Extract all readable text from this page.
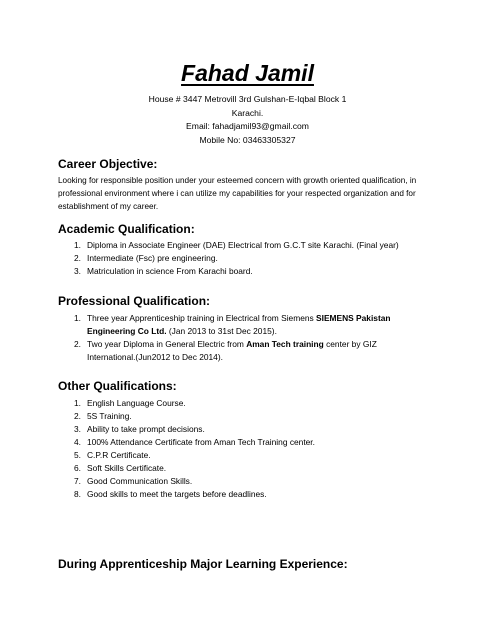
Fahad Jamil
House # 3447 Metrovill 3rd Gulshan-E-Iqbal Block 1
Karachi.
Email: fahadjamil93@gmail.com
Mobile No: 03463305327
Career Objective:
Looking for responsible position under your esteemed concern with growth oriented qualification, in professional environment where i can utilize my capabilities for your respected organization and for establishment of my career.
Academic Qualification:
1. Diploma in Associate Engineer (DAE) Electrical from G.C.T site Karachi. (Final year)
2. Intermediate (Fsc) pre engineering.
3. Matriculation in science From Karachi board.
Professional Qualification:
1. Three year Apprenticeship training in Electrical from Siemens SIEMENS Pakistan Engineering Co Ltd. (Jan 2013 to 31st Dec 2015).
2. Two year Diploma in General Electric from Aman Tech training center by GIZ International.(Jun2012 to Dec 2014).
Other Qualifications:
1. English Language Course.
2. 5S Training.
3. Ability to take prompt decisions.
4. 100% Attendance Certificate from Aman Tech Training center.
5. C.P.R Certificate.
6. Soft Skills Certificate.
7. Good Communication Skills.
8. Good skills to meet the targets before deadlines.
During Apprenticeship Major Learning Experience:
